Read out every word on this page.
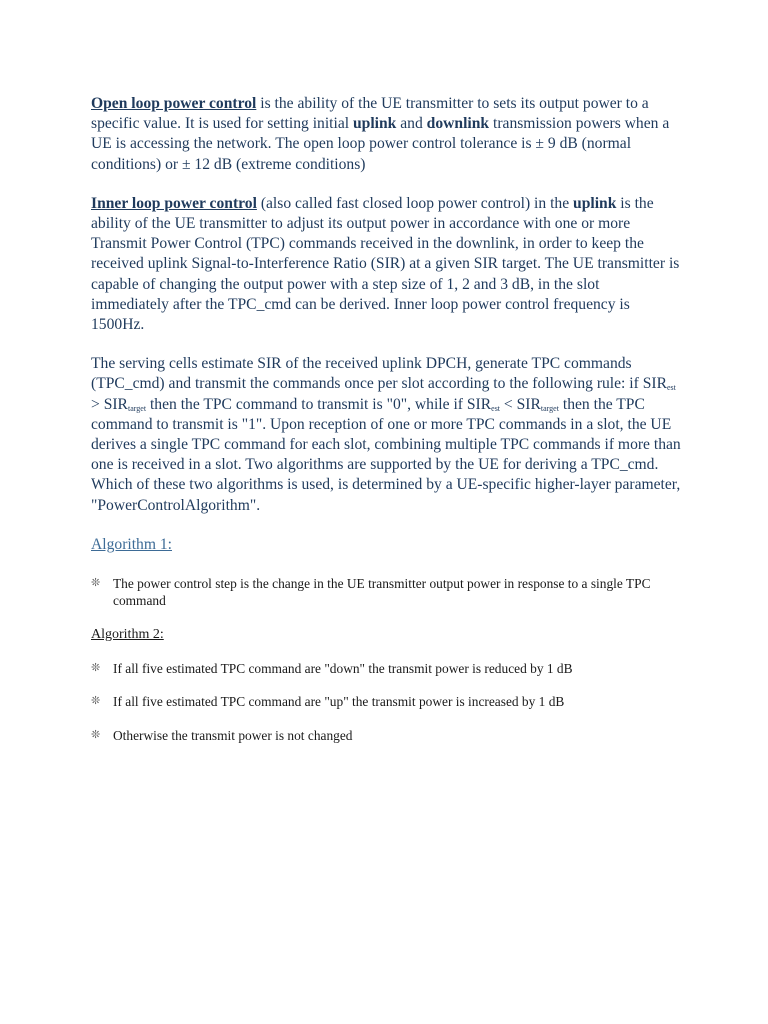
Open loop power control is the ability of the UE transmitter to sets its output power to a specific value. It is used for setting initial uplink and downlink transmission powers when a UE is accessing the network. The open loop power control tolerance is ± 9 dB (normal conditions) or ± 12 dB (extreme conditions)

Inner loop power control (also called fast closed loop power control) in the uplink is the ability of the UE transmitter to adjust its output power in accordance with one or more Transmit Power Control (TPC) commands received in the downlink, in order to keep the received uplink Signal-to-Interference Ratio (SIR) at a given SIR target. The UE transmitter is capable of changing the output power with a step size of 1, 2 and 3 dB, in the slot immediately after the TPC_cmd can be derived. Inner loop power control frequency is 1500Hz.

The serving cells estimate SIR of the received uplink DPCH, generate TPC commands (TPC_cmd) and transmit the commands once per slot according to the following rule: if $SIR_{est} > SIR_{target}$ then the TPC command to transmit is "0", while if $SIR_{est} < SIR_{target}$ then the TPC command to transmit is "1". Upon reception of one or more TPC commands in a slot, the UE derives a single TPC command for each slot, combining multiple TPC commands if more than one is received in a slot. Two algorithms are supported by the UE for deriving a TPC_cmd. Which of these two algorithms is used, is determined by a UE-specific higher-layer parameter, "PowerControlAlgorithm".

Algorithm 1:
❊ The power control step is the change in the UE transmitter output power in response to a single TPC command
Algorithm 2:
❊ If all five estimated TPC command are "down" the transmit power is reduced by 1 dB
❊ If all five estimated TPC command are "up" the transmit power is increased by 1 dB
❊ Otherwise the transmit power is not changed
